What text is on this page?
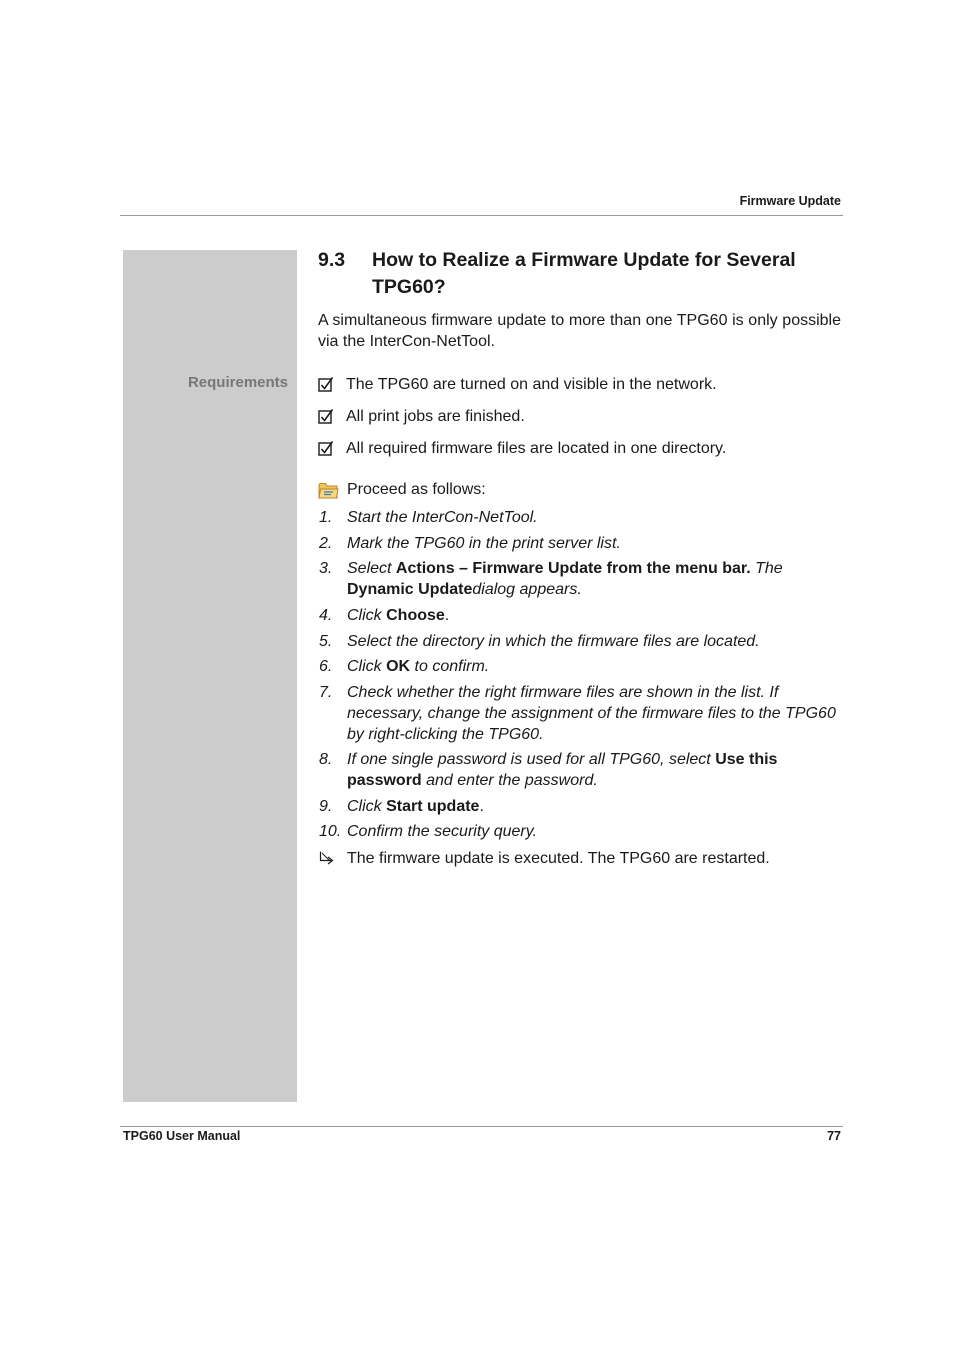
Firmware Update
Requirements
9.3 How to Realize a Firmware Update for Several TPG60?

A simultaneous firmware update to more than one TPG60 is only possible via the InterCon-NetTool.

The TPG60 are turned on and visible in the network.
All print jobs are finished.
All required firmware files are located in one directory.
Proceed as follows:
1. Start the InterCon-NetTool.
2. Mark the TPG60 in the print server list.
3. Select Actions – Firmware Update from the menu bar. The
Dynamic Updatedialog appears.
4. Click Choose.
5. Select the directory in which the firmware files are located.
6. Click OK to confirm.
7. Check whether the right firmware files are shown in the list. If necessary, change the assignment of the firmware files to the TPG60 by right-clicking the TPG60.
8. If one single password is used for all TPG60, select Use this password and enter the password.
9. Click Start update.
10. Confirm the security query.
The firmware update is executed. The TPG60 are restarted.
TPG60 User Manual	77
